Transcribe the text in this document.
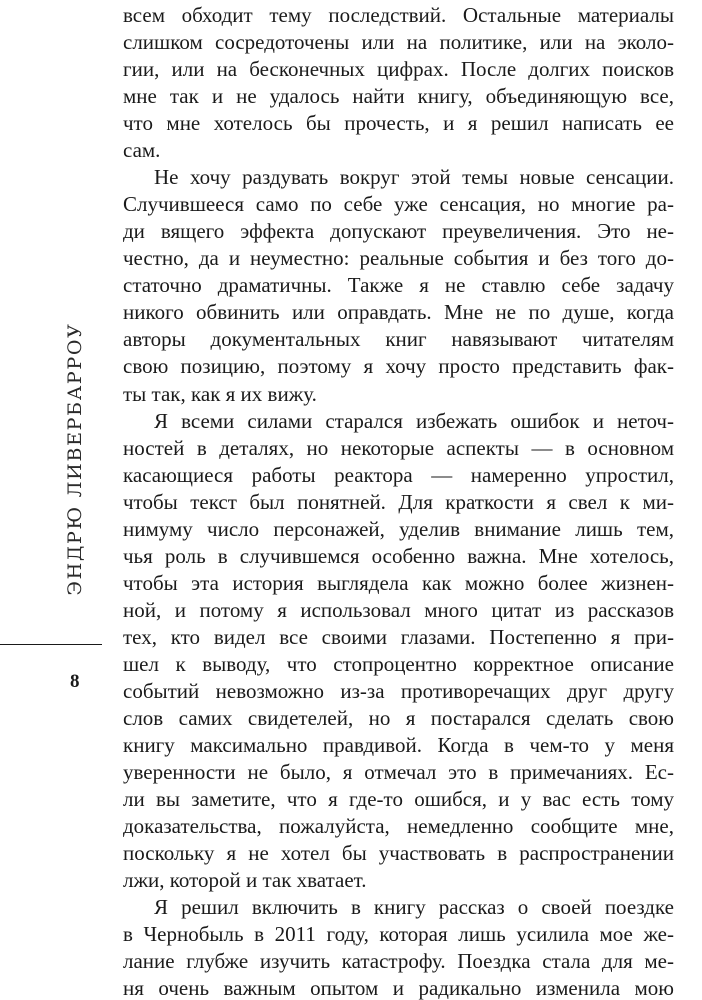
ЭНДРЮ ЛИВЕРБАРРОУ
8
всем обходит тему последствий. Остальные материалы
слишком сосредоточены или на политике, или на эколо-
гии, или на бесконечных цифрах. После долгих поисков
мне так и не удалось найти книгу, объединяющую все,
что мне хотелось бы прочесть, и я решил написать ее
сам.
Не хочу раздувать вокруг этой темы новые сенсации.
Случившееся само по себе уже сенсация, но многие ра-
ди вящего эффекта допускают преувеличения. Это не-
честно, да и неуместно: реальные события и без того до-
статочно драматичны. Также я не ставлю себе задачу
никого обвинить или оправдать. Мне не по душе, когда
авторы документальных книг навязывают читателям
свою позицию, поэтому я хочу просто представить фак-
ты так, как я их вижу.
Я всеми силами старался избежать ошибок и неточ-
ностей в деталях, но некоторые аспекты — в основном
касающиеся работы реактора — намеренно упростил,
чтобы текст был понятней. Для краткости я свел к ми-
нимуму число персонажей, уделив внимание лишь тем,
чья роль в случившемся особенно важна. Мне хотелось,
чтобы эта история выглядела как можно более жизнен-
ной, и потому я использовал много цитат из рассказов
тех, кто видел все своими глазами. Постепенно я при-
шел к выводу, что стопроцентно корректное описание
событий невозможно из-за противоречащих друг другу
слов самих свидетелей, но я постарался сделать свою
книгу максимально правдивой. Когда в чем-то у меня
уверенности не было, я отмечал это в примечаниях. Ес-
ли вы заметите, что я где-то ошибся, и у вас есть тому
доказательства, пожалуйста, немедленно сообщите мне,
поскольку я не хотел бы участвовать в распространении
лжи, которой и так хватает.
Я решил включить в книгу рассказ о своей поездке
в Чернобыль в 2011 году, которая лишь усилила мое же-
лание глубже изучить катастрофу. Поездка стала для ме-
ня очень важным опытом и радикально изменила мою
